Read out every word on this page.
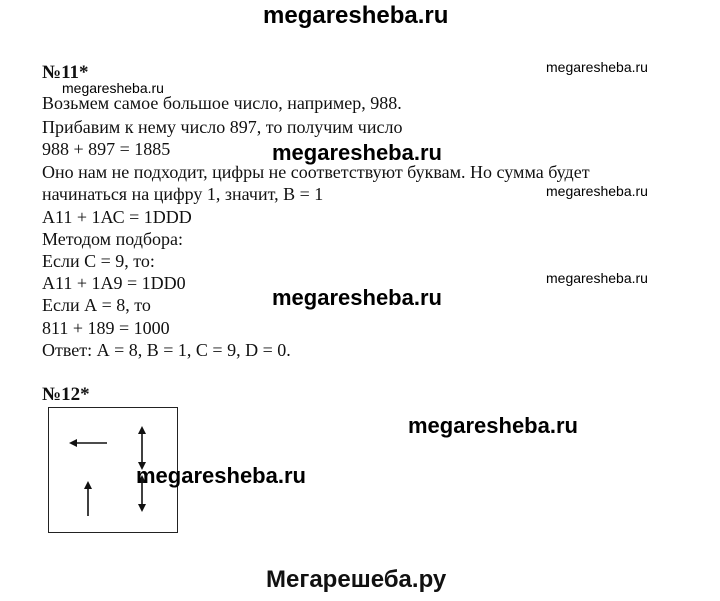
megaresheba.ru
№11*	megaresheba.ru
megaresheba.ru
Возьмем самое большое число, например, 988.
Прибавим к нему число 897, то получим число
988 + 897 = 1885	megaresheba.ru
Оно нам не подходит, цифры не соответствуют буквам. Но сумма будет
начинаться на цифру 1, значит, В = 1	megaresheba.ru
А11 + 1АС = 1DDD
Методом подбора:
Если С = 9, то:
А11 + 1А9 = 1DD0	megaresheba.ru
megaresheba.ru
Если А = 8, то
811 + 189 = 1000
Ответ: А = 8, В = 1, С = 9, D = 0.
№12*
megaresheba.ru
megaresheba.ru
Мегарешеба.ру
